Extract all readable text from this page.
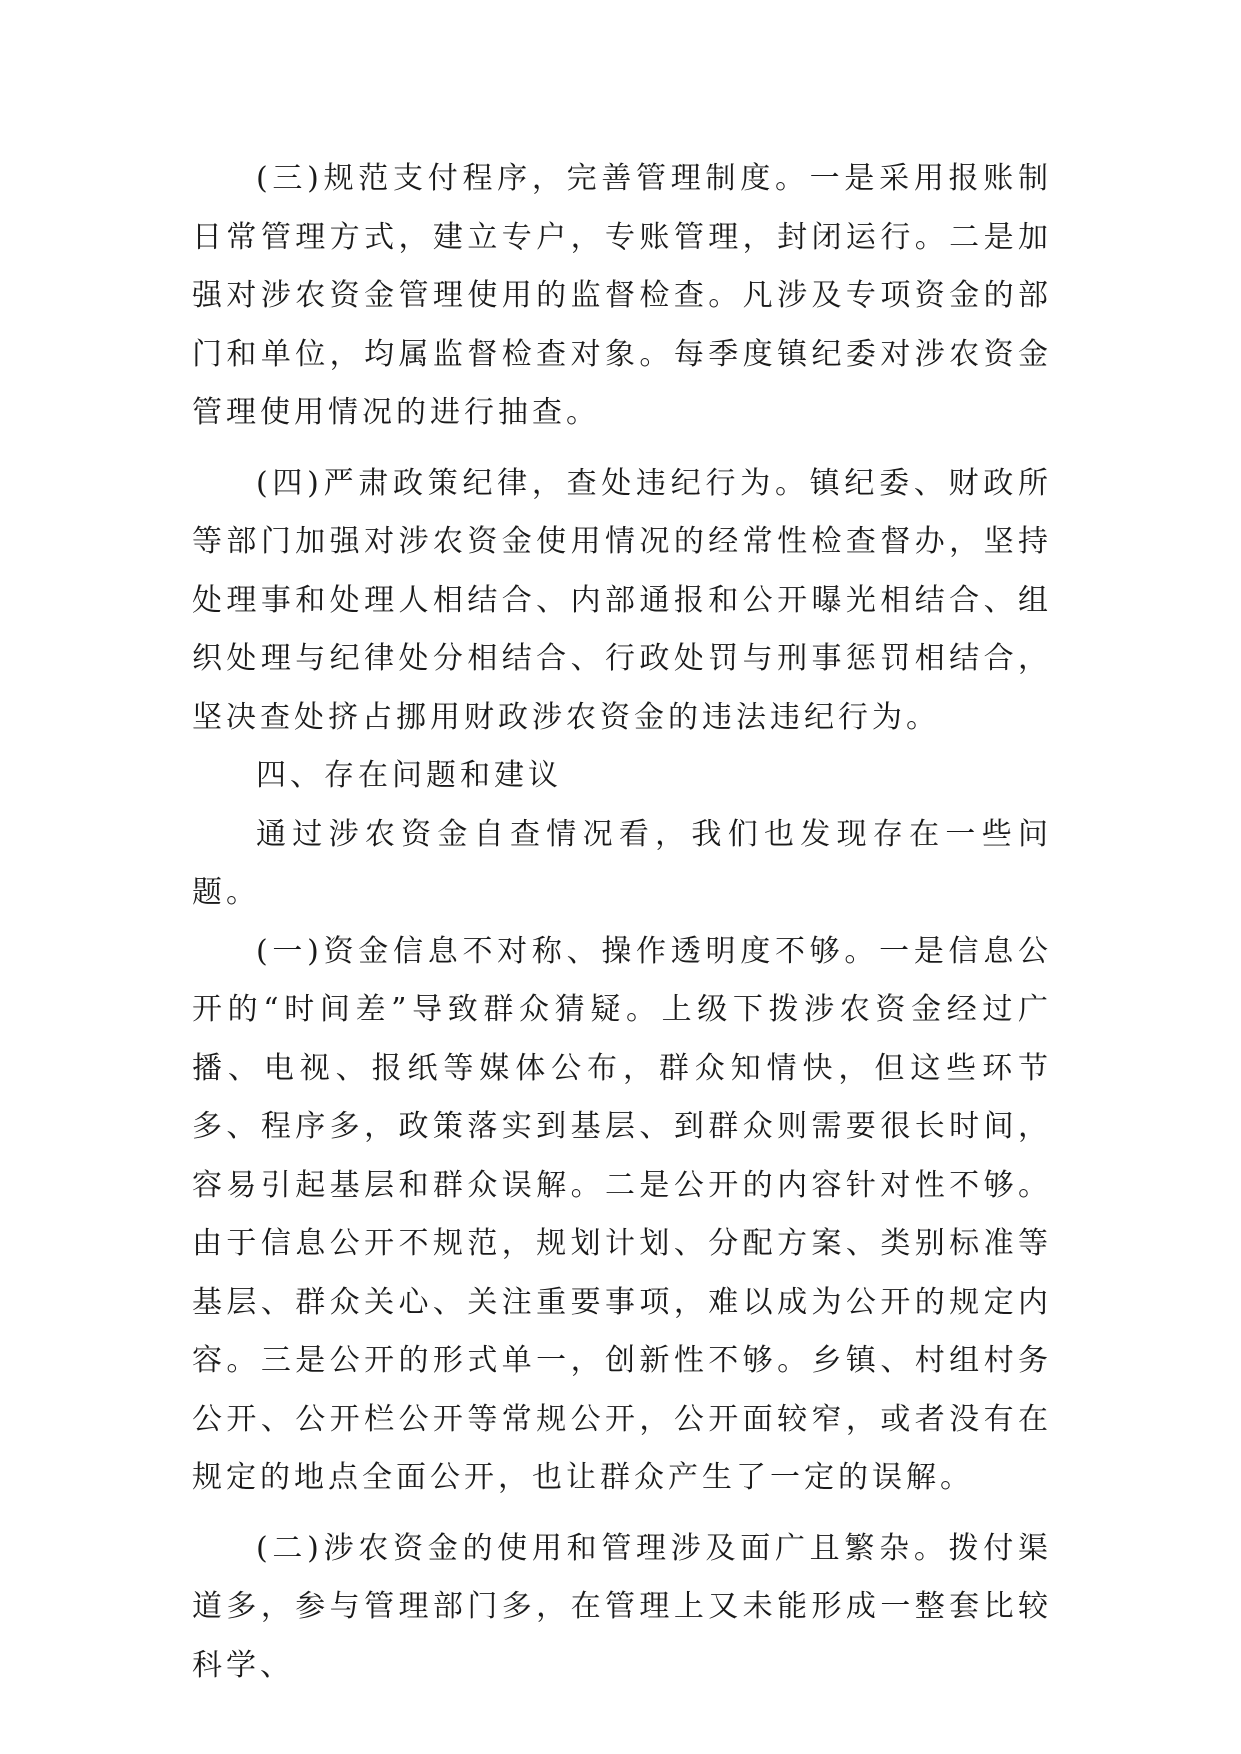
(三)规范支付程序，完善管理制度。一是采用报账制日常管理方式，建立专户，专账管理，封闭运行。二是加强对涉农资金管理使用的监督检查。凡涉及专项资金的部门和单位，均属监督检查对象。每季度镇纪委对涉农资金管理使用情况的进行抽查。

(四)严肃政策纪律，查处违纪行为。镇纪委、财政所等部门加强对涉农资金使用情况的经常性检查督办，坚持处理事和处理人相结合、内部通报和公开曝光相结合、组织处理与纪律处分相结合、行政处罚与刑事惩罚相结合，坚决查处挤占挪用财政涉农资金的违法违纪行为。

四、存在问题和建议

通过涉农资金自查情况看，我们也发现存在一些问题。

(一)资金信息不对称、操作透明度不够。一是信息公开的“时间差”导致群众猜疑。上级下拨涉农资金经过广播、电视、报纸等媒体公布，群众知情快，但这些环节多、程序多，政策落实到基层、到群众则需要很长时间，容易引起基层和群众误解。二是公开的内容针对性不够。由于信息公开不规范，规划计划、分配方案、类别标准等基层、群众关心、关注重要事项，难以成为公开的规定内容。三是公开的形式单一，创新性不够。乡镇、村组村务公开、公开栏公开等常规公开，公开面较窄，或者没有在规定的地点全面公开，也让群众产生了一定的误解。

(二)涉农资金的使用和管理涉及面广且繁杂。拨付渠道多，参与管理部门多，在管理上又未能形成一整套比较科学、
